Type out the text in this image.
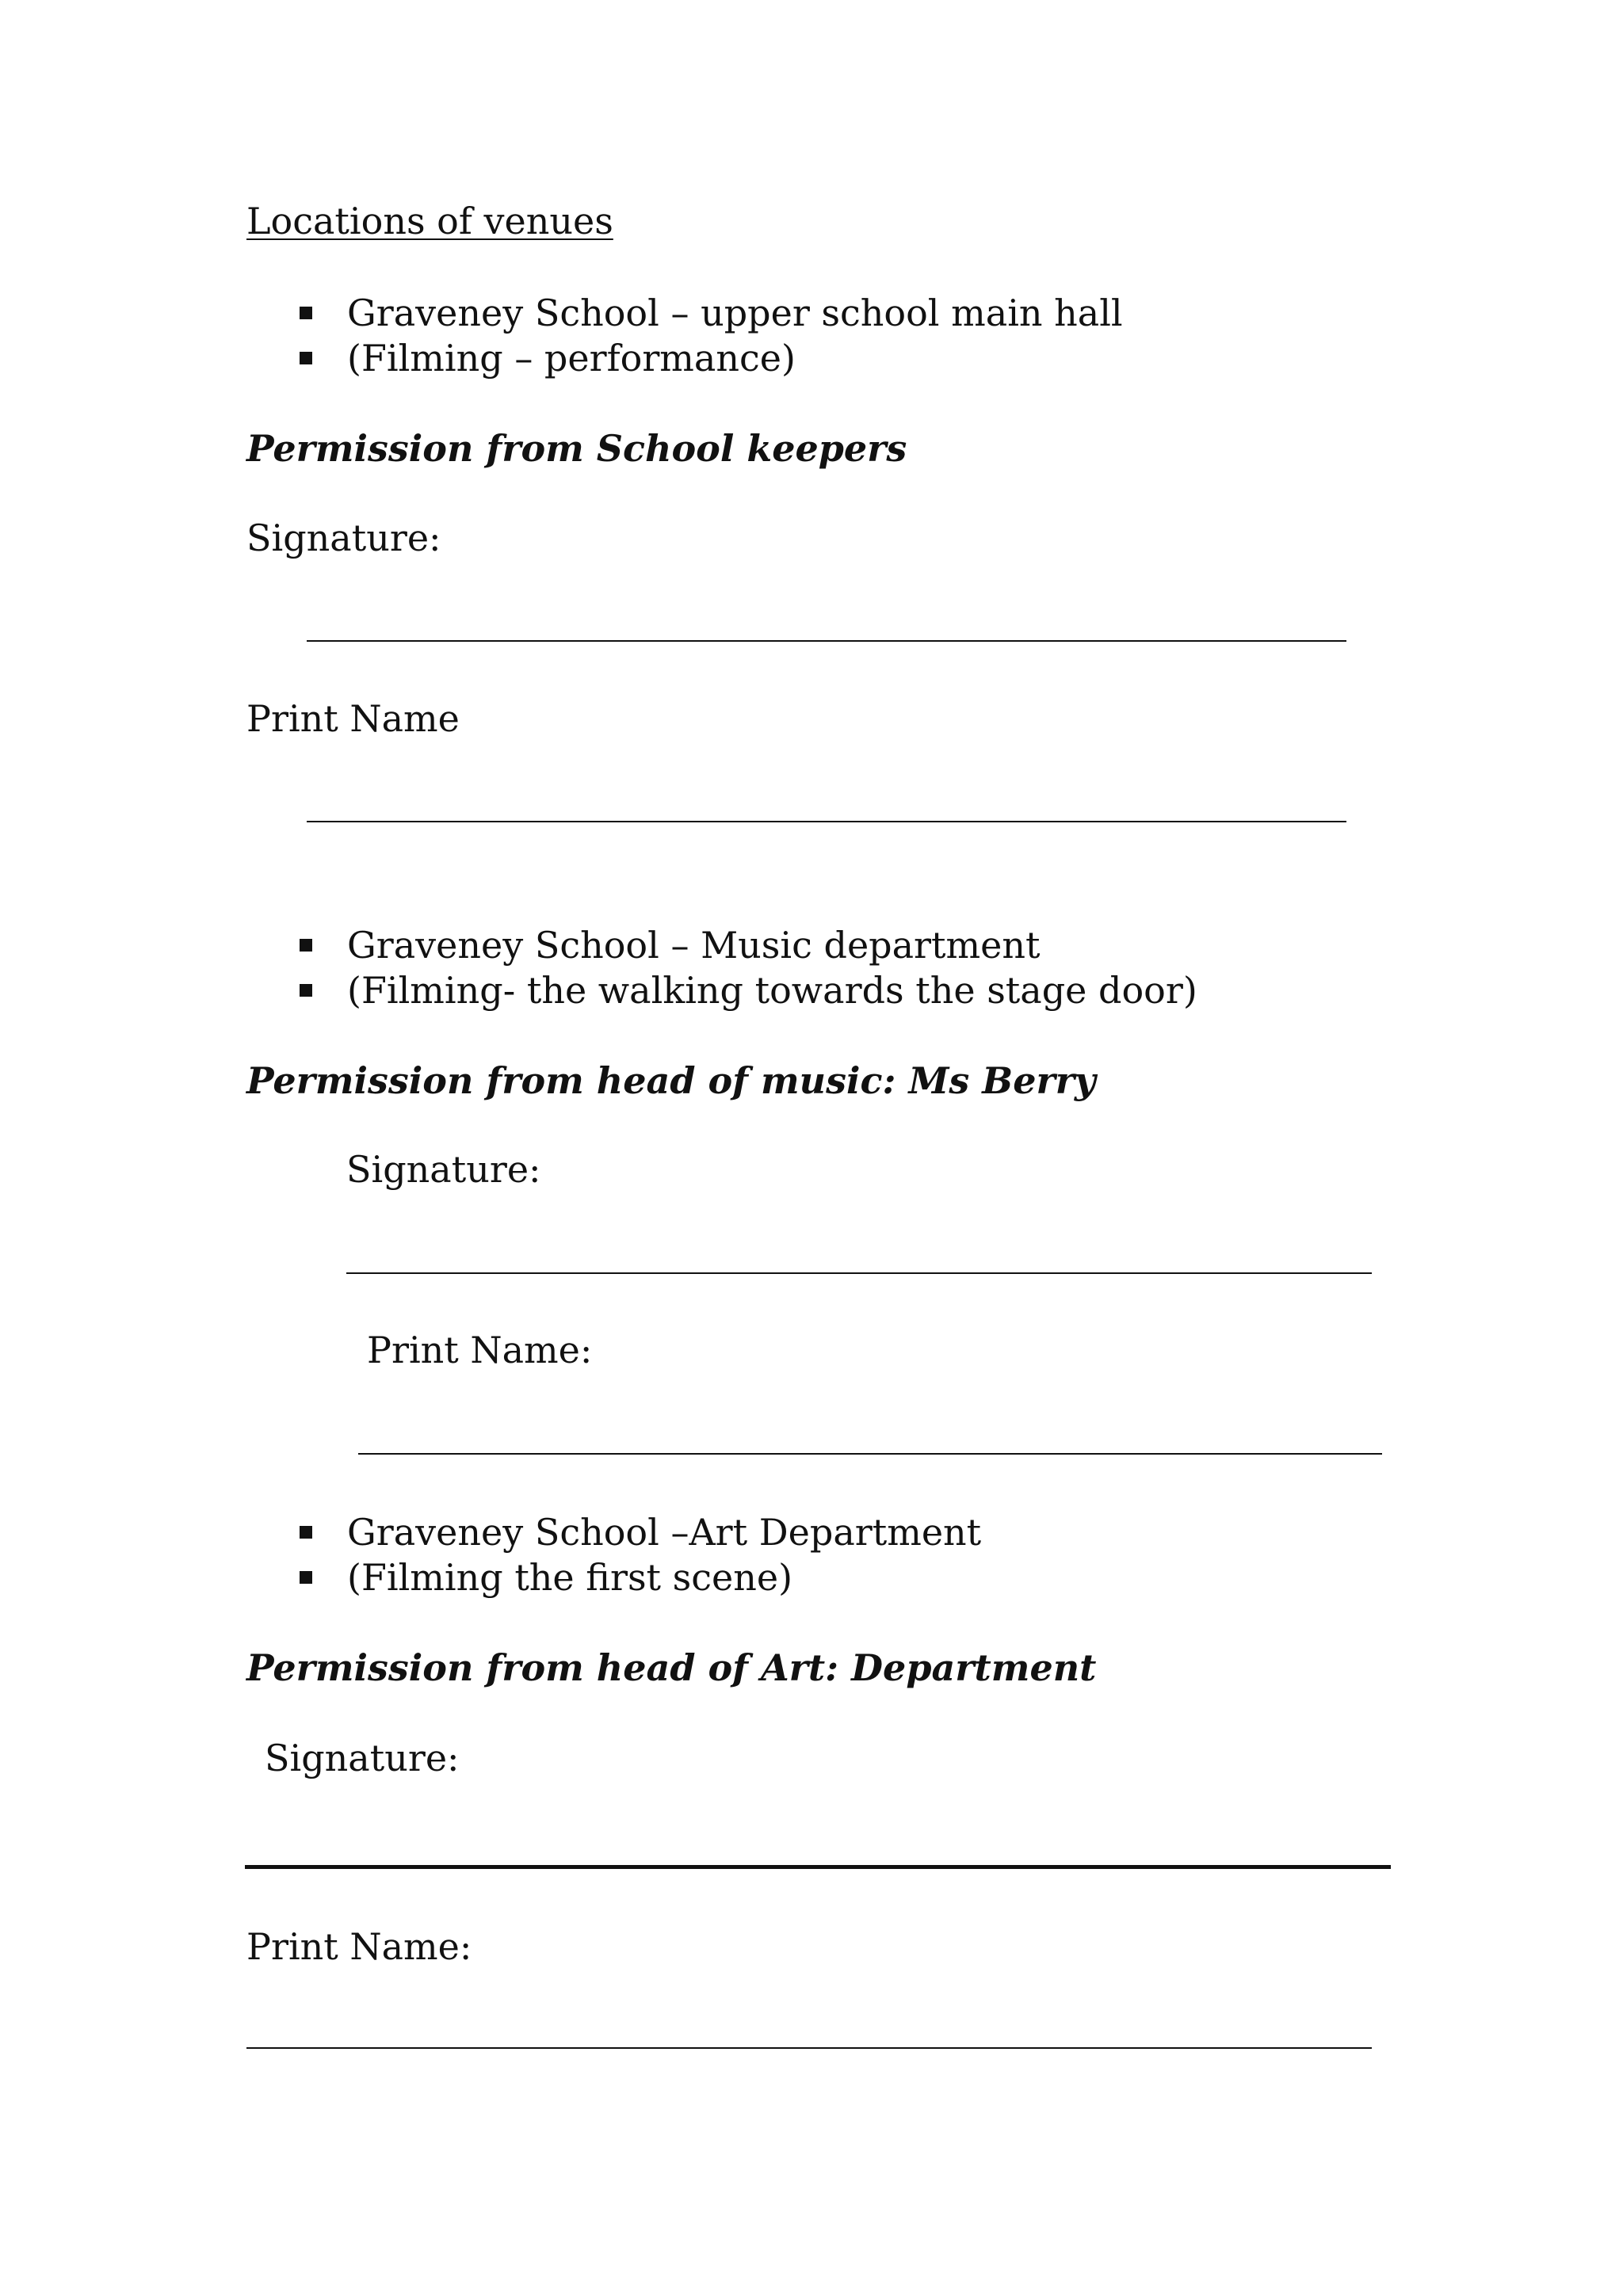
Locations of venues
Graveney School – upper school main hall
(Filming – performance)
Permission from School keepers
Signature:
Print Name
Graveney School – Music department
(Filming- the walking towards the stage door)
Permission from head of music: Ms Berry
Signature:
Print Name:
Graveney School –Art Department
(Filming the first scene)
Permission from head of Art: Department
Signature:
Print Name:
